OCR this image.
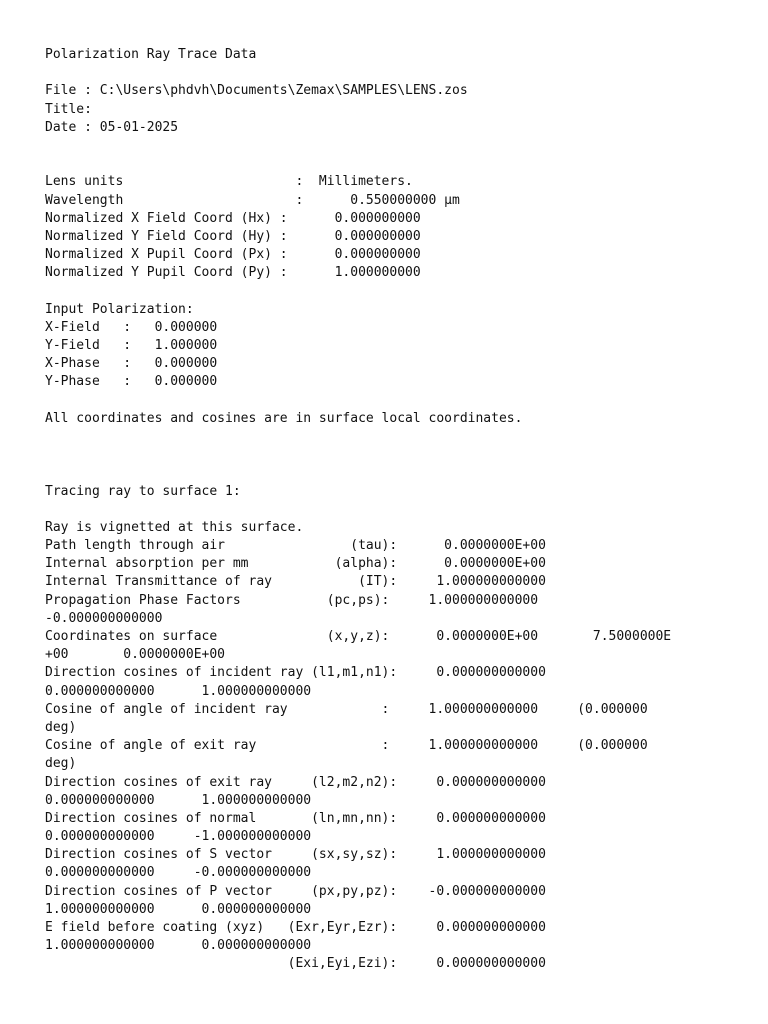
Polarization Ray Trace Data
File : C:\Users\phdvh\Documents\Zemax\SAMPLES\LENS.zos
Title:
Date : 05-01-2025
Lens units                      :  Millimeters.
Wavelength                      :      0.550000000 µm
Normalized X Field Coord (Hx) :      0.000000000
Normalized Y Field Coord (Hy) :      0.000000000
Normalized X Pupil Coord (Px) :      0.000000000
Normalized Y Pupil Coord (Py) :      1.000000000
Input Polarization:
X-Field   :   0.000000
Y-Field   :   1.000000
X-Phase   :   0.000000
Y-Phase   :   0.000000
All coordinates and cosines are in surface local coordinates.
Tracing ray to surface 1:
Ray is vignetted at this surface.
Path length through air                (tau):      0.0000000E+00
Internal absorption per mm           (alpha):      0.0000000E+00
Internal Transmittance of ray           (IT):     1.000000000000
Propagation Phase Factors           (pc,ps):     1.000000000000
-0.000000000000
Coordinates on surface              (x,y,z):      0.0000000E+00       7.5000000E
+00       0.0000000E+00
Direction cosines of incident ray (l1,m1,n1):     0.000000000000
0.000000000000      1.000000000000
Cosine of angle of incident ray            :     1.000000000000     (0.000000
deg)
Cosine of angle of exit ray                :     1.000000000000     (0.000000
deg)
Direction cosines of exit ray     (l2,m2,n2):     0.000000000000
0.000000000000      1.000000000000
Direction cosines of normal       (ln,mn,nn):     0.000000000000
0.000000000000     -1.000000000000
Direction cosines of S vector     (sx,sy,sz):     1.000000000000
0.000000000000     -0.000000000000
Direction cosines of P vector     (px,py,pz):    -0.000000000000
1.000000000000      0.000000000000
E field before coating (xyz)   (Exr,Eyr,Ezr):     0.000000000000
1.000000000000      0.000000000000
(Exi,Eyi,Ezi):     0.000000000000
